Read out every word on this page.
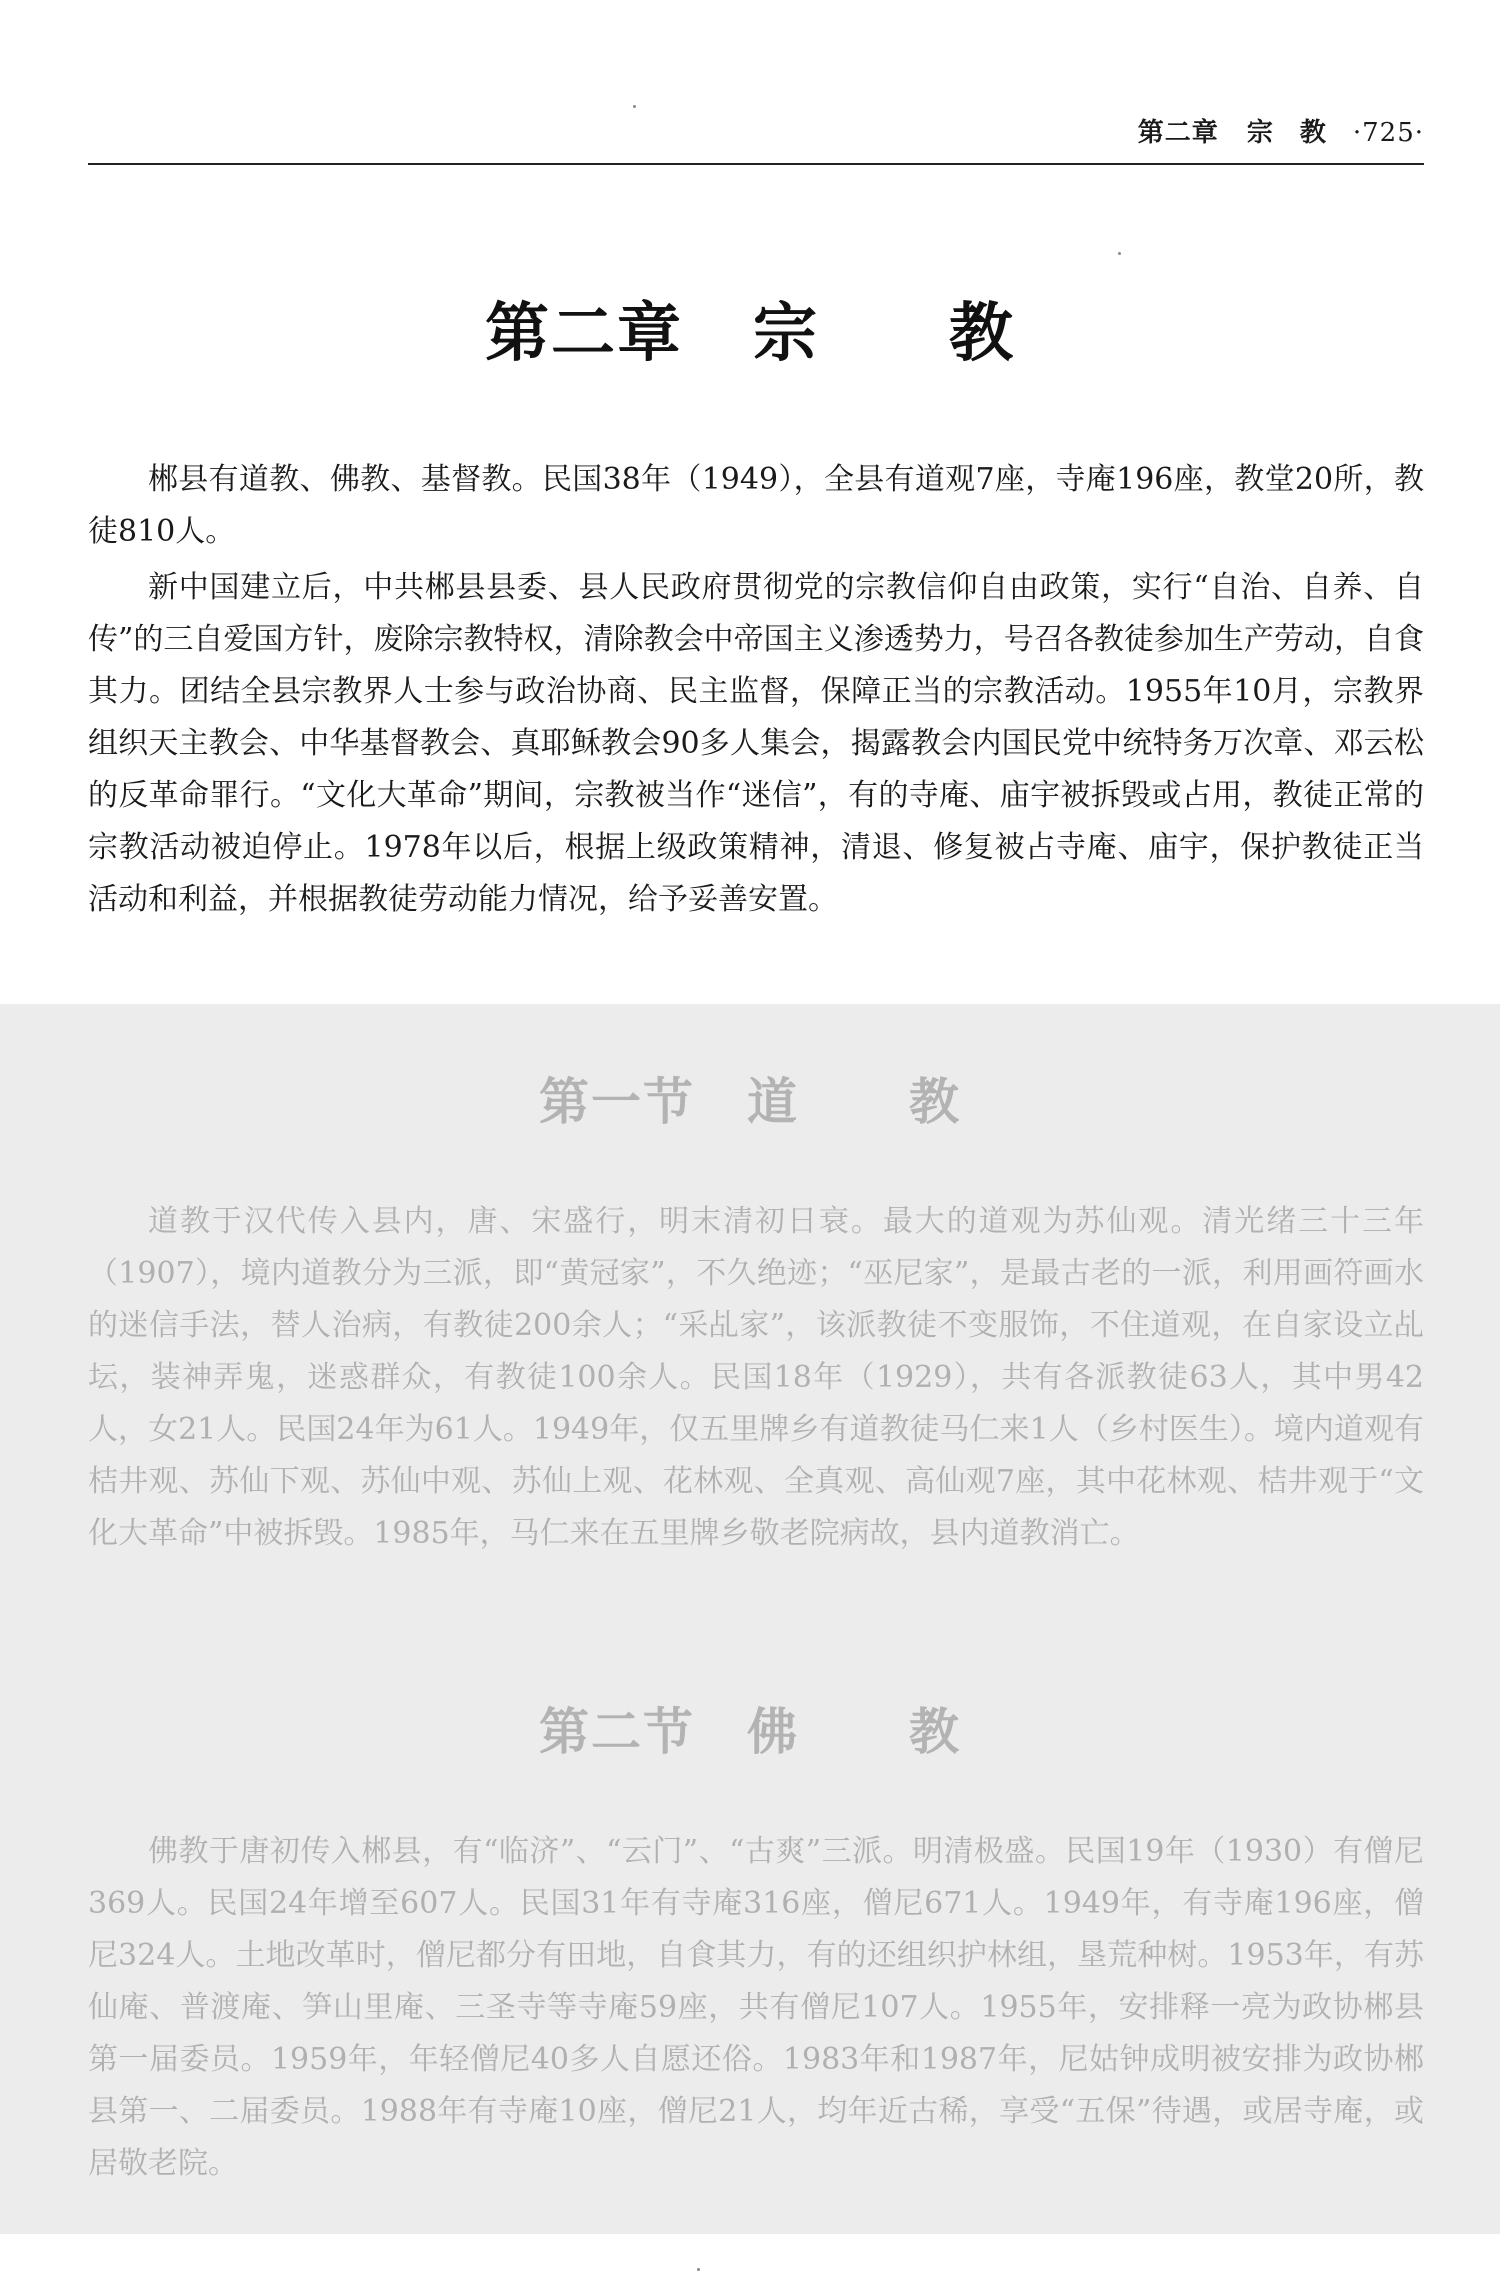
第二章 宗 教 ·725·
第二章 宗 教

郴县有道教、佛教、基督教。民国38年（1949），全县有道观7座，寺庵196座，教堂20所，教徒810人。

新中国建立后，中共郴县县委、县人民政府贯彻党的宗教信仰自由政策，实行“自治、自养、自传”的三自爱国方针，废除宗教特权，清除教会中帝国主义渗透势力，号召各教徒参加生产劳动，自食其力。团结全县宗教界人士参与政治协商、民主监督，保障正当的宗教活动。1955年10月，宗教界组织天主教会、中华基督教会、真耶稣教会90多人集会，揭露教会内国民党中统特务万次章、邓云松的反革命罪行。“文化大革命”期间，宗教被当作“迷信”，有的寺庵、庙宇被拆毁或占用，教徒正常的宗教活动被迫停止。1978年以后，根据上级政策精神，清退、修复被占寺庵、庙宇，保护教徒正当活动和利益，并根据教徒劳动能力情况，给予妥善安置。

第一节 道 教

道教于汉代传入县内，唐、宋盛行，明末清初日衰。最大的道观为苏仙观。清光绪三十三年（1907），境内道教分为三派，即“黄冠家”，不久绝迹；“巫尼家”，是最古老的一派，利用画符画水的迷信手法，替人治病，有教徒200余人；“采乩家”，该派教徒不变服饰，不住道观，在自家设立乩坛，装神弄鬼，迷惑群众，有教徒100余人。民国18年（1929），共有各派教徒63人，其中男42人，女21人。民国24年为61人。1949年，仅五里牌乡有道教徒马仁来1人（乡村医生）。境内道观有桔井观、苏仙下观、苏仙中观、苏仙上观、花林观、全真观、高仙观7座，其中花林观、桔井观于“文化大革命”中被拆毁。1985年，马仁来在五里牌乡敬老院病故，县内道教消亡。

第二节 佛 教

佛教于唐初传入郴县，有“临济”、“云门”、“古爽”三派。明清极盛。民国19年（1930）有僧尼369人。民国24年增至607人。民国31年有寺庵316座，僧尼671人。1949年，有寺庵196座，僧尼324人。土地改革时，僧尼都分有田地，自食其力，有的还组织护林组，垦荒种树。1953年，有苏仙庵、普渡庵、笋山里庵、三圣寺等寺庵59座，共有僧尼107人。1955年，安排释一亮为政协郴县第一届委员。1959年，年轻僧尼40多人自愿还俗。1983年和1987年，尼姑钟成明被安排为政协郴县第一、二届委员。1988年有寺庵10座，僧尼21人，均年近古稀，享受“五保”待遇，或居寺庵，或居敬老院。
